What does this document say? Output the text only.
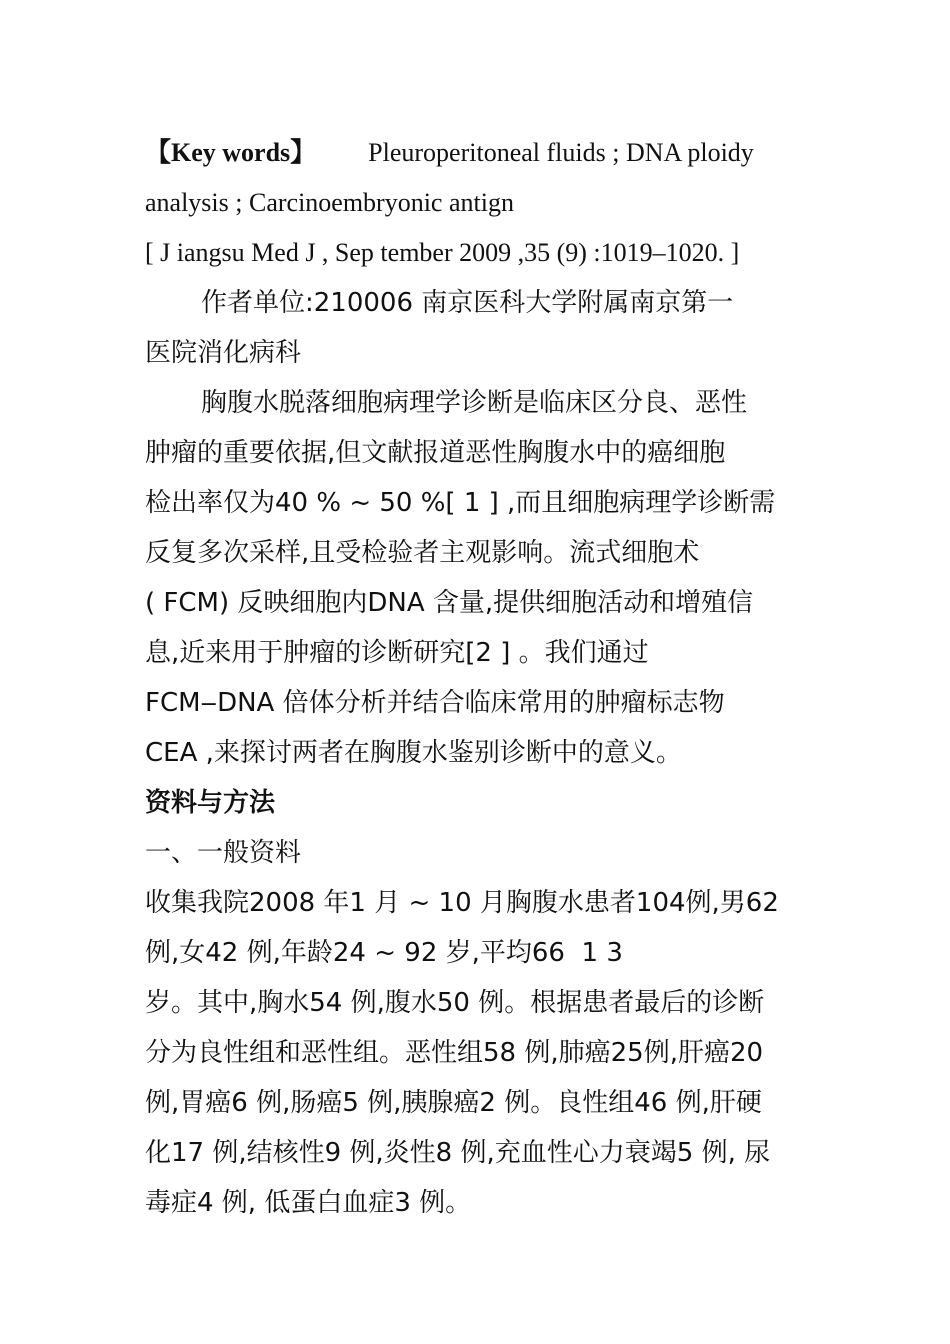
【Key words】 Pleuroperitoneal fluids ; DNA ploidy
analysis ; Carcinoembryonic antign
[ J iangsu Med J , Sep tember 2009 ,35 (9) :1019‒1020. ]
作者单位:210006 南京医科大学附属南京第一
医院消化病科
胸腹水脱落细胞病理学诊断是临床区分良、恶性
肿瘤的重要依据,但文献报道恶性胸腹水中的癌细胞
检出率仅为40 % ~ 50 %[ 1 ] ,而且细胞病理学诊断需
反复多次采样,且受检验者主观影响。流式细胞术
( FCM) 反映细胞内DNA 含量,提供细胞活动和增殖信
息,近来用于肿瘤的诊断研究[2 ] 。我们通过
FCM‒DNA 倍体分析并结合临床常用的肿瘤标志物
CEA ,来探讨两者在胸腹水鉴别诊断中的意义。
资料与方法
一、一般资料
收集我院2008 年1 月 ~ 10 月胸腹水患者104例,男62
例,女42 例,年龄24 ~ 92 岁,平均66 1 3
岁。其中,胸水54 例,腹水50 例。根据患者最后的诊断
分为良性组和恶性组。恶性组58 例,肺癌25例,肝癌20
例,胃癌6 例,肠癌5 例,胰腺癌2 例。良性组46 例,肝硬
化17 例,结核性9 例,炎性8 例,充血性心力衰竭5 例, 尿
毒症4 例, 低蛋白血症3 例。
